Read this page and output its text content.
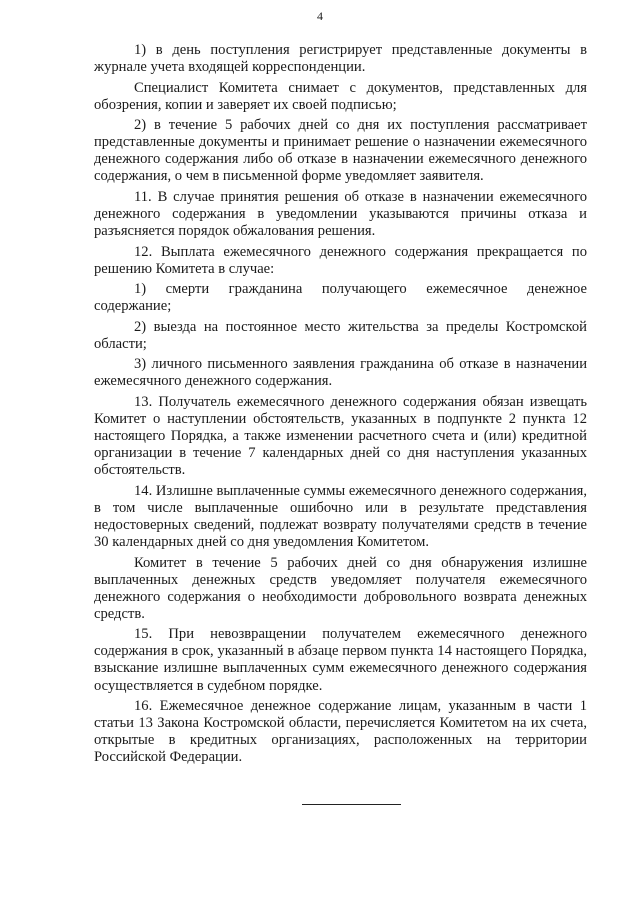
4

1) в день поступления регистрирует представленные документы в журнале учета входящей корреспонденции.

Специалист Комитета снимает с документов, представленных для обозрения, копии и заверяет их своей подписью;

2) в течение 5 рабочих дней со дня их поступления рассматривает представленные документы и принимает решение о назначении ежемесячного денежного содержания либо об отказе в назначении ежемесячного денежного содержания, о чем в письменной форме уведомляет заявителя.

11. В случае принятия решения об отказе в назначении ежемесячного денежного содержания в уведомлении указываются причины отказа и разъясняется порядок обжалования решения.

12. Выплата ежемесячного денежного содержания прекращается по решению Комитета в случае:

1) смерти гражданина получающего ежемесячное денежное содержание;

2) выезда на постоянное место жительства за пределы Костромской области;

3) личного письменного заявления гражданина об отказе в назначении ежемесячного денежного содержания.

13. Получатель ежемесячного денежного содержания обязан извещать Комитет о наступлении обстоятельств, указанных в подпункте 2 пункта 12 настоящего Порядка, а также изменении расчетного счета и (или) кредитной организации в течение 7 календарных дней со дня наступления указанных обстоятельств.

14. Излишне выплаченные суммы ежемесячного денежного содержания, в том числе выплаченные ошибочно или в результате представления недостоверных сведений, подлежат возврату получателями средств в течение 30 календарных дней со дня уведомления Комитетом.

Комитет в течение 5 рабочих дней со дня обнаружения излишне выплаченных денежных средств уведомляет получателя ежемесячного денежного содержания о необходимости добровольного возврата денежных средств.

15. При невозвращении получателем ежемесячного денежного содержания в срок, указанный в абзаце первом пункта 14 настоящего Порядка, взыскание излишне выплаченных сумм ежемесячного денежного содержания осуществляется в судебном порядке.

16. Ежемесячное денежное содержание лицам, указанным в части 1 статьи 13 Закона Костромской области, перечисляется Комитетом на их счета, открытые в кредитных организациях, расположенных на территории Российской Федерации.
